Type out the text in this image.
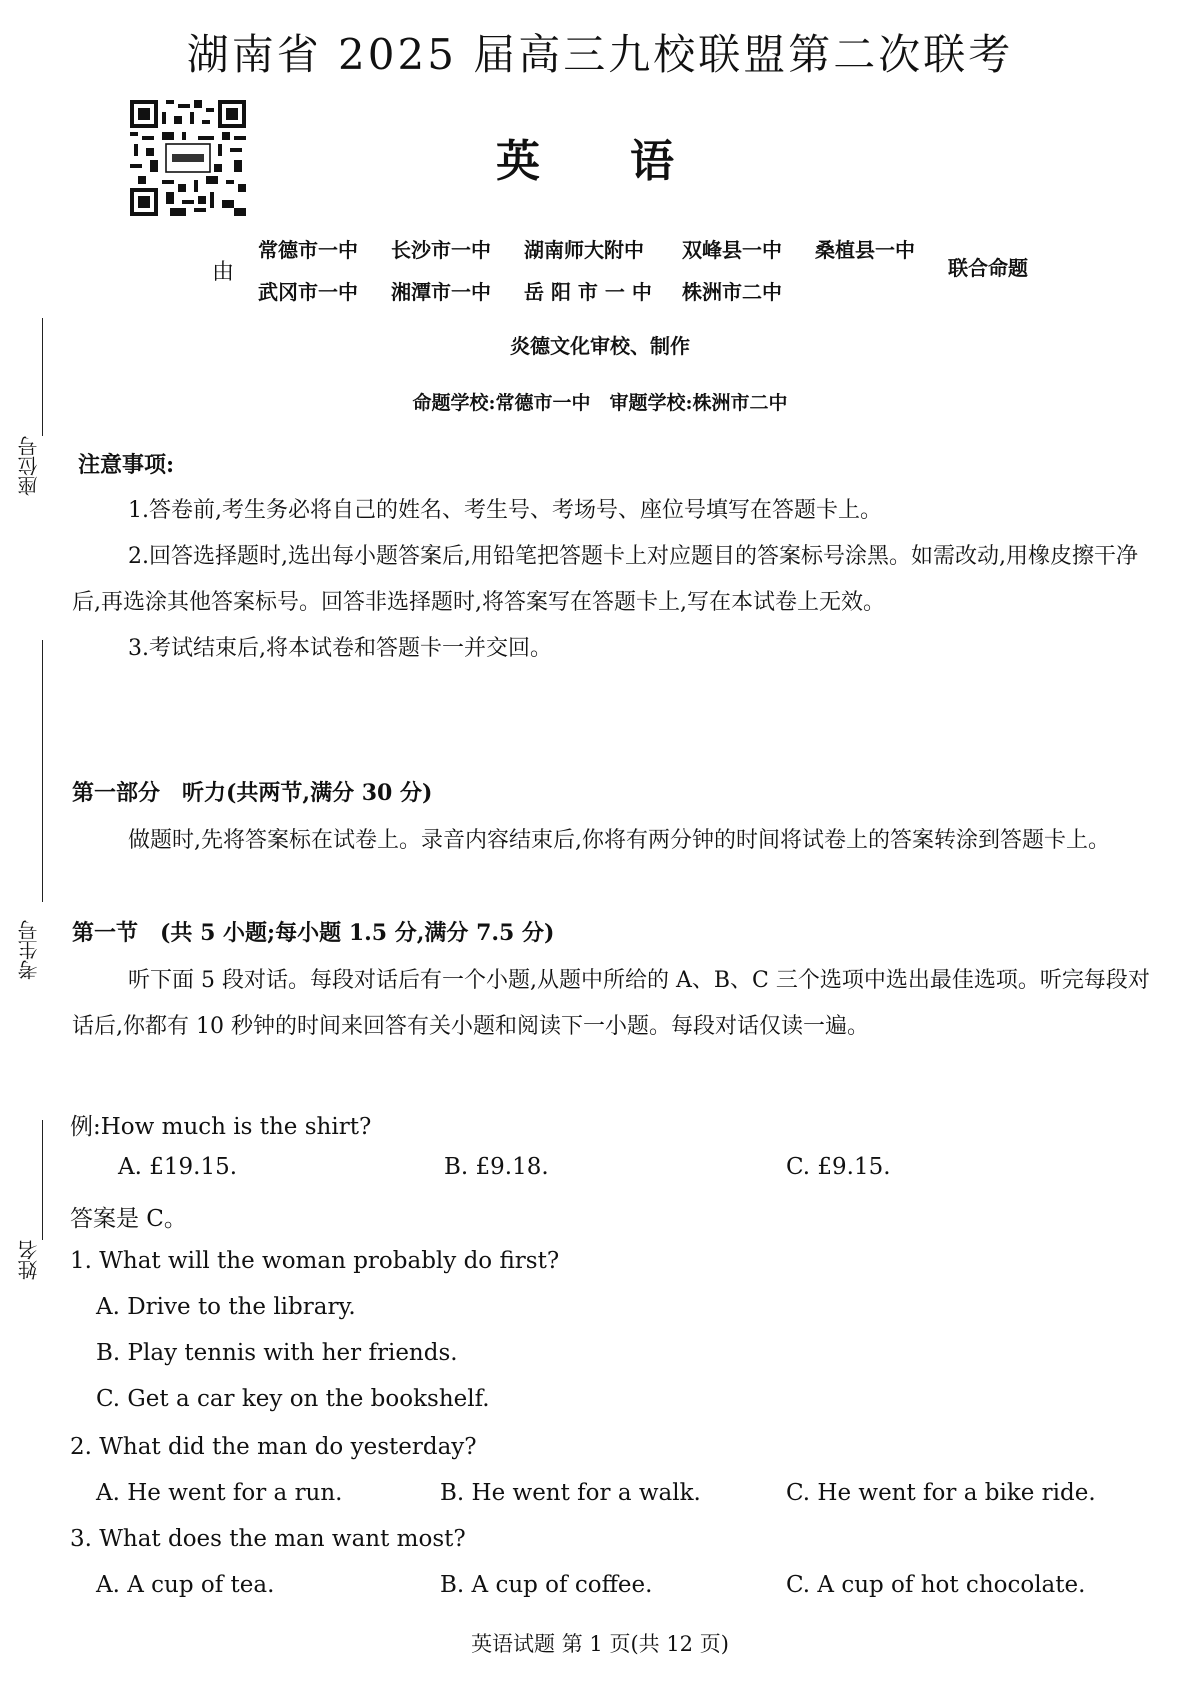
湖南省 2025 届高三九校联盟第二次联考
英语
由
常德市一中 长沙市一中 湖南师大附中 双峰县一中 桑植县一中
武冈市一中 湘潭市一中 岳 阳 市 一 中 株洲市二中
联合命题
炎德文化审校、制作
命题学校:常德市一中　审题学校:株洲市二中
座位号
考生号
姓名
注意事项:
1.答卷前,考生务必将自己的姓名、考生号、考场号、座位号填写在答题卡上。
2.回答选择题时,选出每小题答案后,用铅笔把答题卡上对应题目的答案标号涂黑。如需改动,用橡皮擦干净后,再选涂其他答案标号。回答非选择题时,将答案写在答题卡上,写在本试卷上无效。
3.考试结束后,将本试卷和答题卡一并交回。
第一部分　听力(共两节,满分 30 分)
做题时,先将答案标在试卷上。录音内容结束后,你将有两分钟的时间将试卷上的答案转涂到答题卡上。
第一节　(共 5 小题;每小题 1.5 分,满分 7.5 分)
听下面 5 段对话。每段对话后有一个小题,从题中所给的 A、B、C 三个选项中选出最佳选项。听完每段对话后,你都有 10 秒钟的时间来回答有关小题和阅读下一小题。每段对话仅读一遍。
例:How much is the shirt?
A. £19.15.	B. £9.18.	C. £9.15.
答案是 C。
1. What will the woman probably do first?
A. Drive to the library.
B. Play tennis with her friends.
C. Get a car key on the bookshelf.
2. What did the man do yesterday?
A. He went for a run.	B. He went for a walk.	C. He went for a bike ride.
3. What does the man want most?
A. A cup of tea.	B. A cup of coffee.	C. A cup of hot chocolate.
英语试题 第 1 页(共 12 页)
